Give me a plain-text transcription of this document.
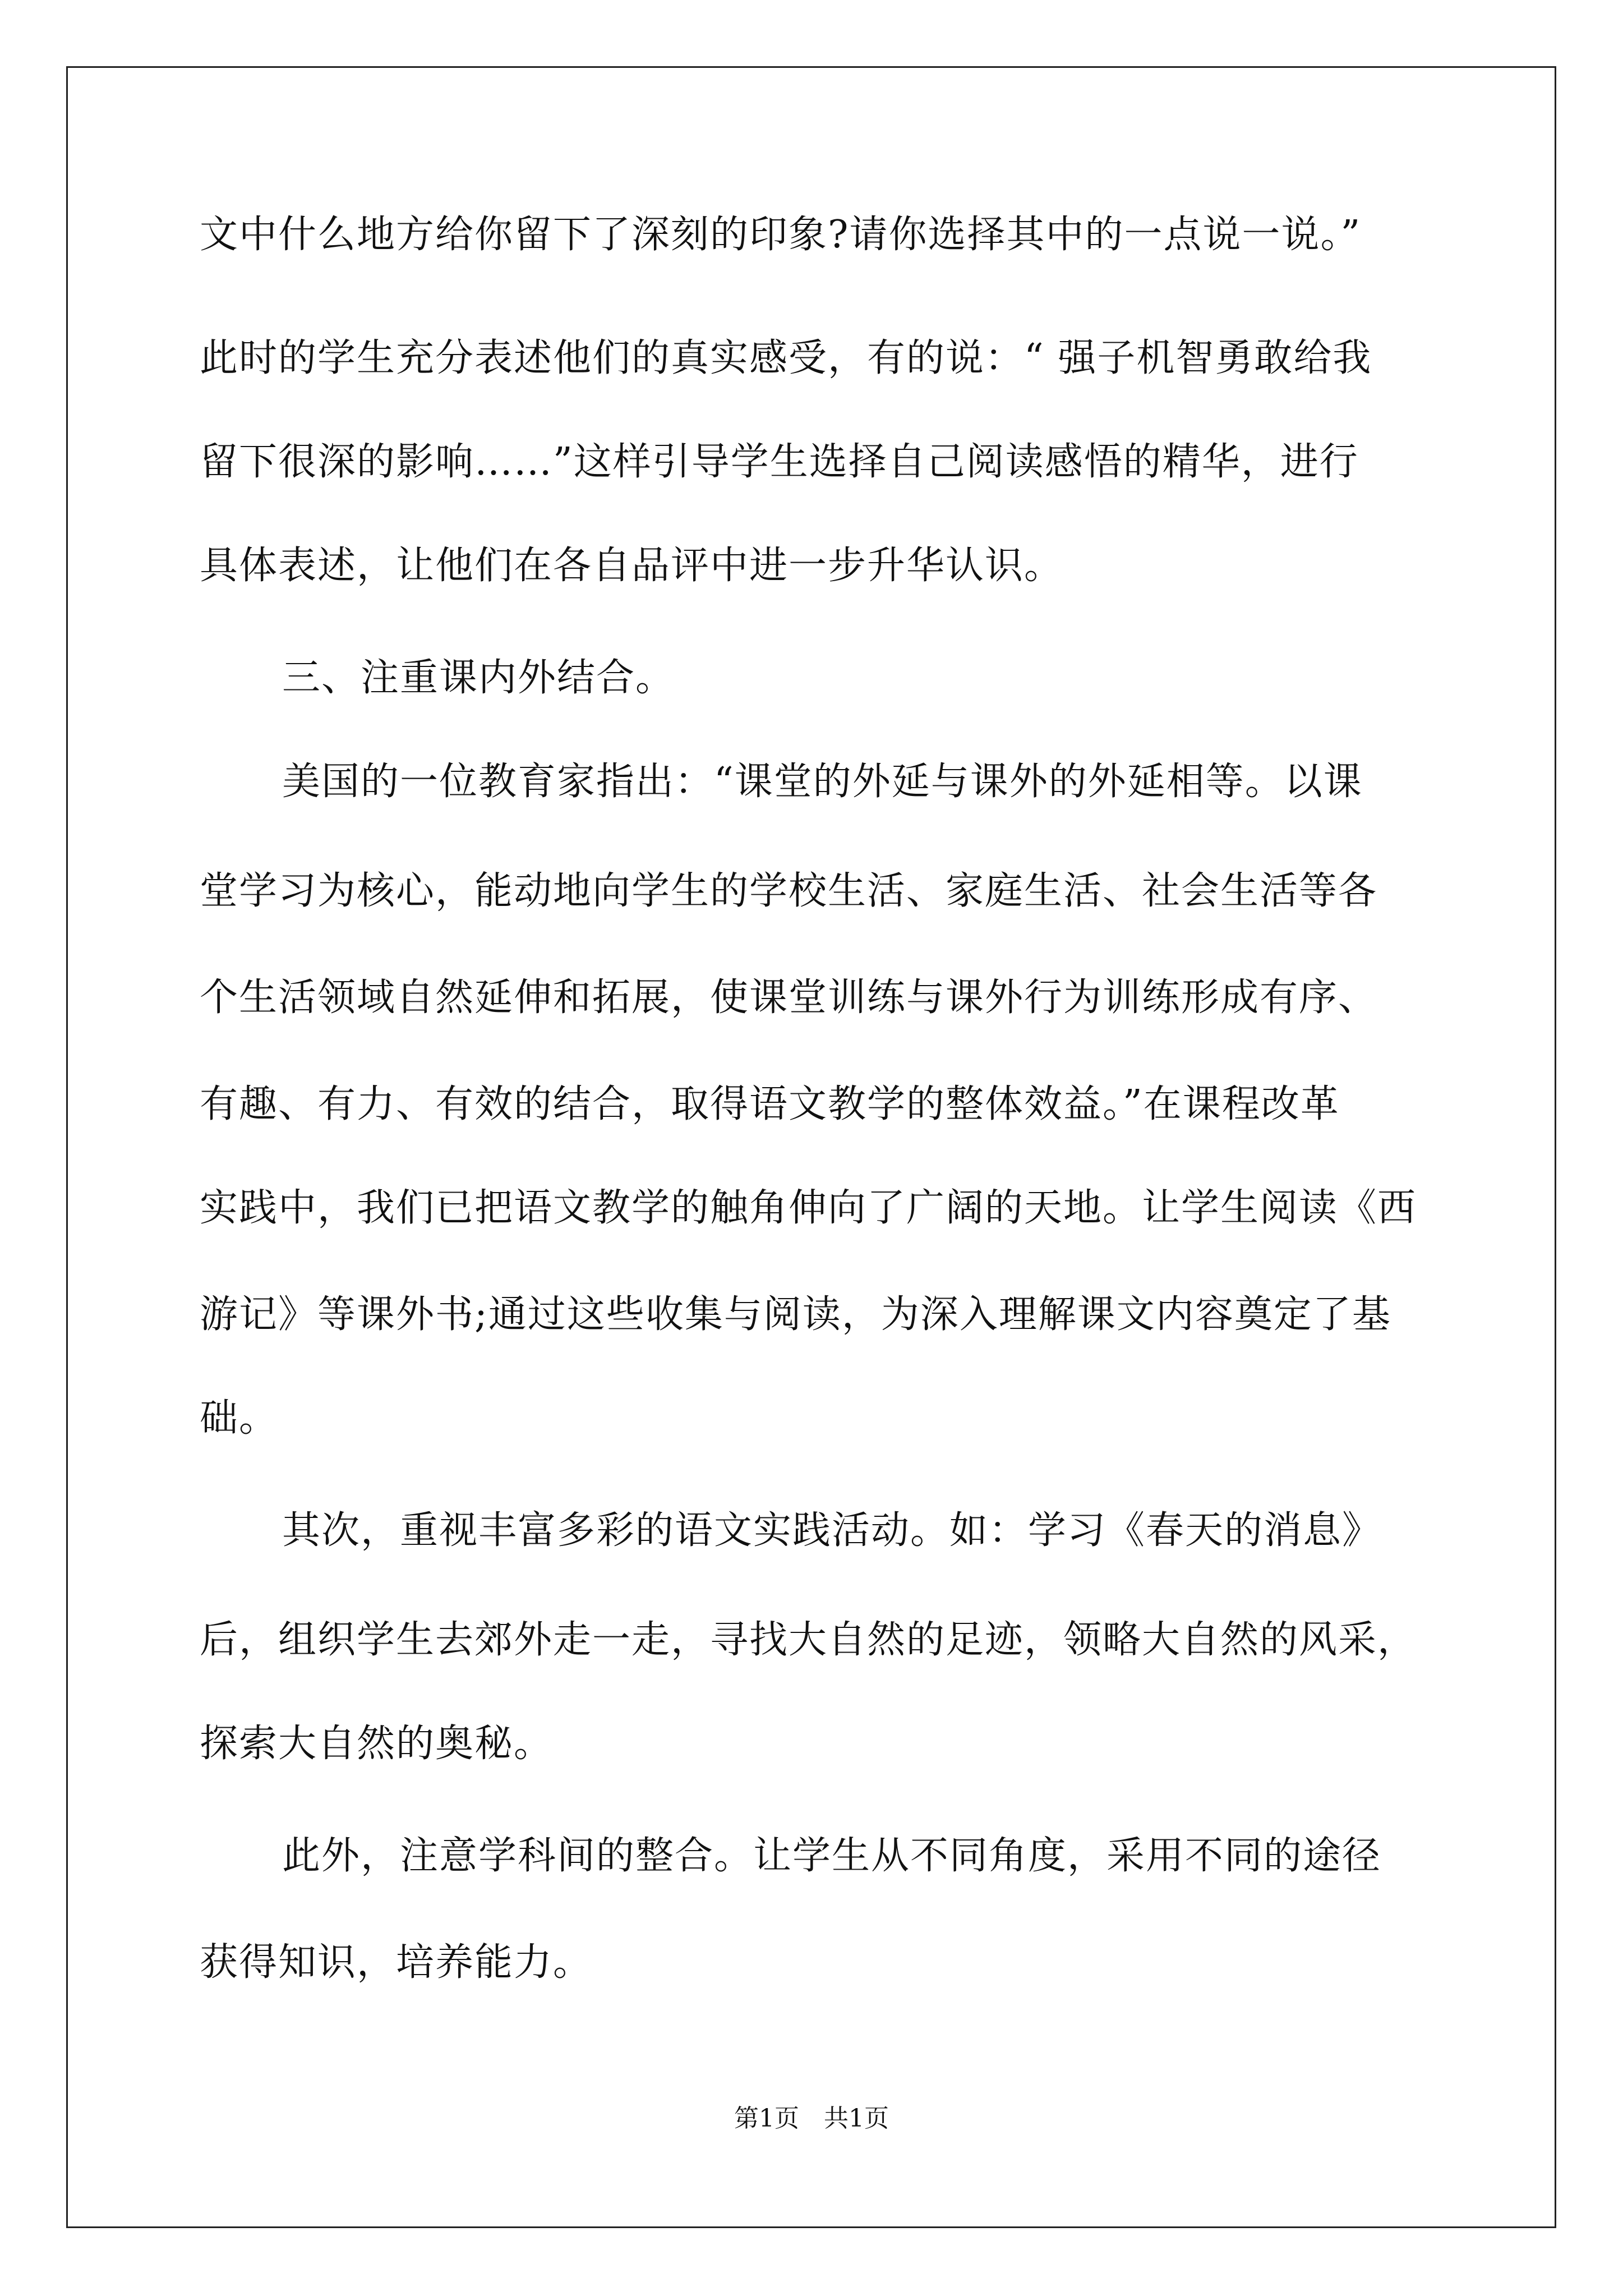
文中什么地方给你留下了深刻的印象?请你选择其中的一点说一说。”
此时的学生充分表述他们的真实感受，有的说：“ 强子机智勇敢给我
留下很深的影响……”这样引导学生选择自己阅读感悟的精华，进行
具体表述，让他们在各自品评中进一步升华认识。
三、注重课内外结合。
美国的一位教育家指出：“课堂的外延与课外的外延相等。以课
堂学习为核心，能动地向学生的学校生活、家庭生活、社会生活等各
个生活领域自然延伸和拓展，使课堂训练与课外行为训练形成有序、
有趣、有力、有效的结合，取得语文教学的整体效益。”在课程改革
实践中，我们已把语文教学的触角伸向了广阔的天地。让学生阅读《西
游记》等课外书;通过这些收集与阅读，为深入理解课文内容奠定了基
础。
其次，重视丰富多彩的语文实践活动。如：学习《春天的消息》
后，组织学生去郊外走一走，寻找大自然的足迹，领略大自然的风采，
探索大自然的奥秘。
此外，注意学科间的整合。让学生从不同角度，采用不同的途径
获得知识，培养能力。
第1页　共1页
